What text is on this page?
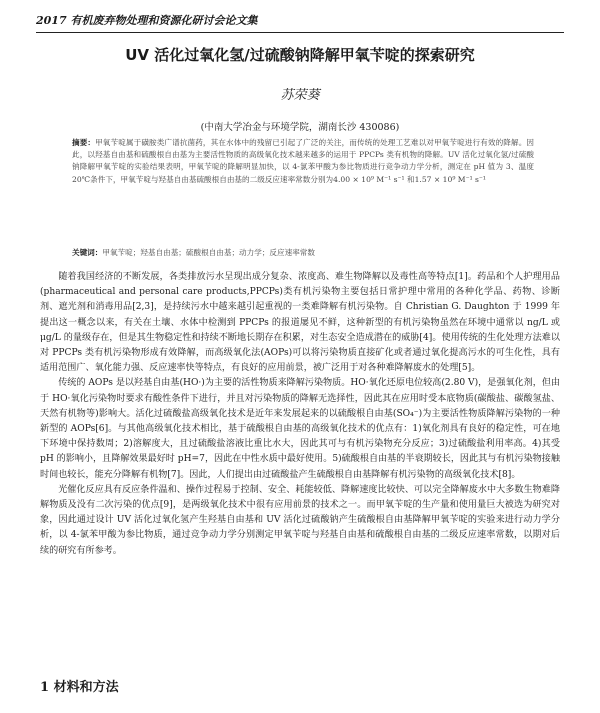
2017 有机废弃物处理和资源化研讨会论文集
UV 活化过氧化氢/过硫酸钠降解甲氧苄啶的探索研究
苏荣葵
(中南大学冶金与环境学院，湖南长沙 430086)
摘要：甲氧苄啶属于磺胺类广谱抗菌药，其在水体中的残留已引起了广泛的关注，而传统的处理工艺难以对甲氧苄啶进行有效的降解。因此，以羟基自由基和硫酸根自由基为主要活性物质的高级氧化技术越来越多的运用于 PPCPs 类有机物的降解。UV 活化过氧化氢/过硫酸钠降解甲氧苄啶的实验结果表明，甲氧苄啶的降解明显加快，以 4-氯苯甲酸为参比物质进行竞争动力学分析，测定在 pH 值为 3、温度 20℃条件下，甲氧苄啶与羟基自由基硫酸根自由基的二级反应速率常数分别为4.00 × 10⁹ M⁻¹ s⁻¹ 和1.57 × 10⁹ M⁻¹ s⁻¹
关键词：甲氧苄啶；羟基自由基；硫酸根自由基；动力学；反应速率常数

随着我国经济的不断发展，各类排放污水呈现出成分复杂、浓度高、难生物降解以及毒性高等特点[1]。药品和个人护理用品(pharmaceutical and personal care products,PPCPs)类有机污染物主要包括日常护理中常用的各种化学品、药物、诊断剂、遮光剂和消毒用品[2,3]，是持续污水中越来越引起重视的一类难降解有机污染物。自 Christian G. Daughton 于 1999 年提出这一概念以来，有关在土壤、水体中检测到 PPCPs 的报道屡见不鲜，这种新型的有机污染物虽然在环境中通常以 ng/L 或 μg/L 的量级存在，但是其生物稳定性和持续不断地长期存在积累，对生态安全造成潜在的威胁[4]。使用传统的生化处理方法难以对 PPCPs 类有机污染物形成有效降解，而高级氧化法(AOPs)可以将污染物质直接矿化或者通过氧化提高污水的可生化性，具有适用范围广、氧化能力强、反应速率快等特点，有良好的应用前景，被广泛用于对各种难降解废水的处理[5]。

传统的 AOPs 是以羟基自由基(HO·)为主要的活性物质来降解污染物质。HO·氧化还原电位较高(2.80 V)，是强氧化剂，但由于 HO·氧化污染物时要求有酸性条件下进行，并且对污染物质的降解无选择性，因此其在应用时受本底物质(碳酸盐、碳酸氢盐、天然有机物等)影响大。活化过硫酸盐高级氧化技术是近年来发展起来的以硫酸根自由基(SO₄⁻)为主要活性物质降解污染物的一种新型的 AOPs[6]。与其他高级氧化技术相比，基于硫酸根自由基的高级氧化技术的优点有：1)氧化剂具有良好的稳定性，可在地下环境中保持数周；2)溶解度大，且过硫酸盐溶液比重比水大，因此其可与有机污染物充分反应；3)过硫酸盐利用率高。4)其受 pH 的影响小，且降解效果最好时 pH=7，因此在中性水质中最好使用。5)硫酸根自由基的半衰期较长，因此其与有机污染物接触时间也较长，能充分降解有机物[7]。因此，人们提出由过硫酸盐产生硫酸根自由基降解有机污染物的高级氧化技术[8]。

光催化反应具有反应条件温和、操作过程易于控制、安全、耗能较低、降解速度比较快、可以完全降解废水中大多数生物难降解物质及没有二次污染的优点[9]，是两级氧化技术中很有应用前景的技术之一。而甲氧苄啶的生产量和使用量巨大被选为研究对象，因此通过设计 UV 活化过氧化氢产生羟基自由基和 UV 活化过硫酸钠产生硫酸根自由基降解甲氧苄啶的实验来进行动力学分析，以 4-氯苯甲酸为参比物质，通过竞争动力学分别测定甲氧苄啶与羟基自由基和硫酸根自由基的二级反应速率常数，以期对后续的研究有所参考。

1 材料和方法
